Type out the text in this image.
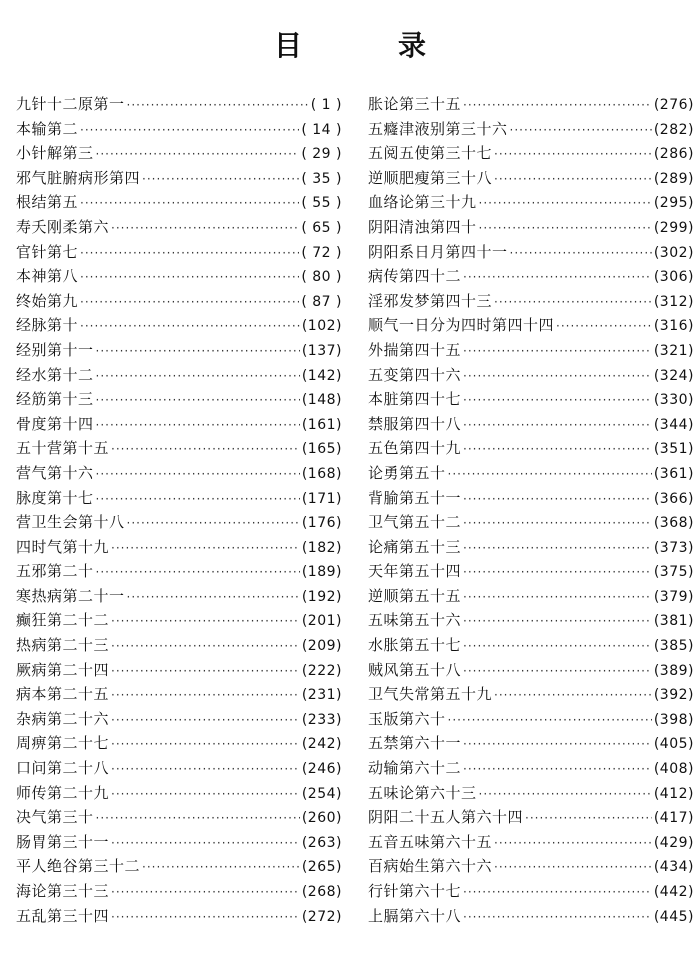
目　录
九针十二原第一 ·····	( 1 )
本输第二 ·····	( 14 )
小针解第三 ·····	( 29 )
邪气脏腑病形第四 ·····	( 35 )
根结第五 ·····	( 55 )
寿夭刚柔第六 ·····	( 65 )
官针第七 ·····	( 72 )
本神第八 ·····	( 80 )
终始第九 ·····	( 87 )
经脉第十 ·····	(102)
经别第十一 ·····	(137)
经水第十二 ·····	(142)
经筋第十三 ·····	(148)
骨度第十四 ·····	(161)
五十营第十五 ·····	(165)
营气第十六 ·····	(168)
脉度第十七 ·····	(171)
营卫生会第十八 ·····	(176)
四时气第十九 ·····	(182)
五邪第二十 ·····	(189)
寒热病第二十一 ·····	(192)
癫狂第二十二 ·····	(201)
热病第二十三 ·····	(209)
厥病第二十四 ·····	(222)
病本第二十五 ·····	(231)
杂病第二十六 ·····	(233)
周痹第二十七 ·····	(242)
口问第二十八 ·····	(246)
师传第二十九 ·····	(254)
决气第三十 ·····	(260)
肠胃第三十一 ·····	(263)
平人绝谷第三十二 ·····	(265)
海论第三十三 ·····	(268)
五乱第三十四 ·····	(272)
胀论第三十五 ·····	(276)
五癃津液别第三十六 ·····	(282)
五阅五使第三十七 ·····	(286)
逆顺肥瘦第三十八 ·····	(289)
血络论第三十九 ·····	(295)
阴阳清浊第四十 ·····	(299)
阴阳系日月第四十一 ·····	(302)
病传第四十二 ·····	(306)
淫邪发梦第四十三 ·····	(312)
顺气一日分为四时第四十四 ·····	(316)
外揣第四十五 ·····	(321)
五变第四十六 ·····	(324)
本脏第四十七 ·····	(330)
禁服第四十八 ·····	(344)
五色第四十九 ·····	(351)
论勇第五十 ·····	(361)
背腧第五十一 ·····	(366)
卫气第五十二 ·····	(368)
论痛第五十三 ·····	(373)
天年第五十四 ·····	(375)
逆顺第五十五 ·····	(379)
五味第五十六 ·····	(381)
水胀第五十七 ·····	(385)
贼风第五十八 ·····	(389)
卫气失常第五十九 ·····	(392)
玉版第六十 ·····	(398)
五禁第六十一 ·····	(405)
动输第六十二 ·····	(408)
五味论第六十三 ·····	(412)
阴阳二十五人第六十四 ·····	(417)
五音五味第六十五 ·····	(429)
百病始生第六十六 ·····	(434)
行针第六十七 ·····	(442)
上膈第六十八 ·····	(445)
